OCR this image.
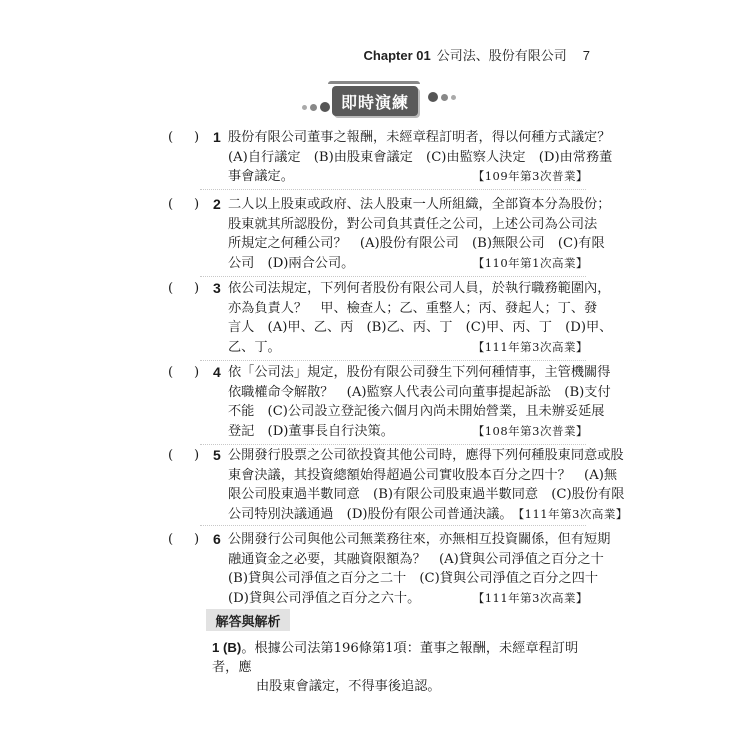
Chapter 01 公司法、股份有限公司 7
即時演練
( ) 1 股份有限公司董事之報酬，未經章程訂明者，得以何種方式議定？
(A)自行議定　(B)由股東會議定　(C)由監察人決定　(D)由常務董
事會議定。	【109年第3次普業】
( ) 2 二人以上股東或政府、法人股東一人所組織，全部資本分為股份；
股東就其所認股份，對公司負其責任之公司，上述公司為公司法
所規定之何種公司？　(A)股份有限公司　(B)無限公司　(C)有限
公司　(D)兩合公司。	【110年第1次高業】
( ) 3 依公司法規定，下列何者股份有限公司人員，於執行職務範圍內，
亦為負責人？　甲、檢查人；乙、重整人；丙、發起人；丁、發
言人　(A)甲、乙、丙　(B)乙、丙、丁　(C)甲、丙、丁　(D)甲、
乙、丁。	【111年第3次高業】
( ) 4 依「公司法」規定，股份有限公司發生下列何種情事，主管機關得
依職權命令解散？　(A)監察人代表公司向董事提起訴訟　(B)支付
不能　(C)公司設立登記後六個月內尚未開始營業，且未辦妥延展
登記　(D)董事長自行決策。	【108年第3次普業】
( ) 5 公開發行股票之公司欲投資其他公司時，應得下列何種股東同意或股
東會決議，其投資總額始得超過公司實收股本百分之四十？　(A)無
限公司股東過半數同意　(B)有限公司股東過半數同意　(C)股份有限
公司特別決議通過　(D)股份有限公司普通決議。 【111年第3次高業】
( ) 6 公開發行公司與他公司無業務往來，亦無相互投資關係，但有短期
融通資金之必要，其融資限額為？　(A)貸與公司淨值之百分之十
(B)貸與公司淨值之百分之二十　(C)貸與公司淨值之百分之四十
(D)貸與公司淨值之百分之六十。	【111年第3次高業】
解答與解析
1 (B)。根據公司法第196條第1項：董事之報酬，未經章程訂明者，應
由股東會議定，不得事後追認。
